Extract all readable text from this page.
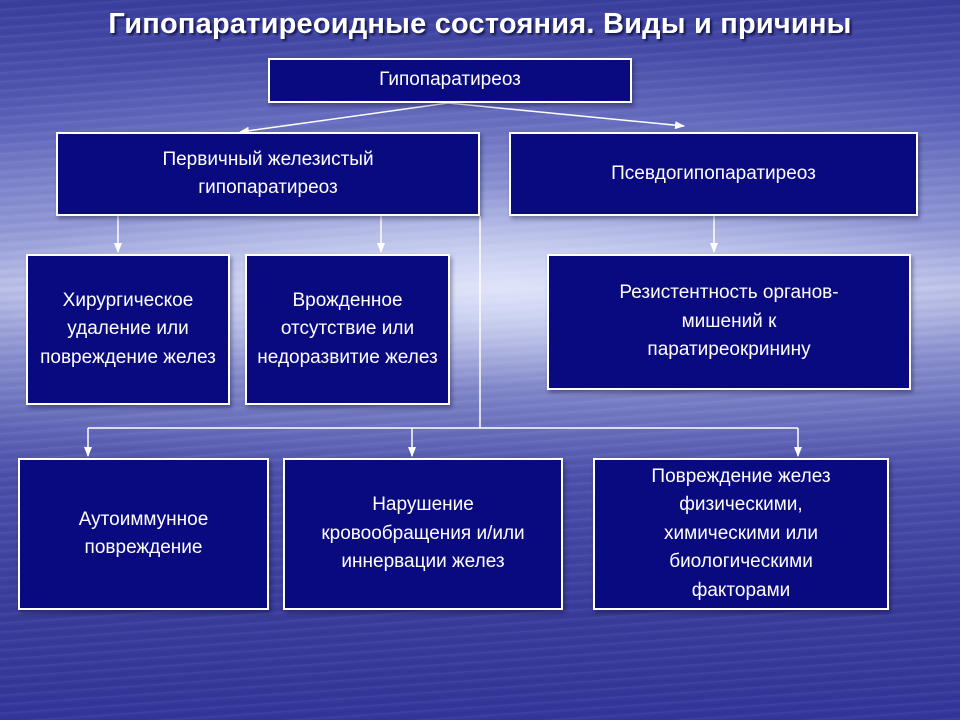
Гипопаратиреоидные состояния. Виды и причины
Гипопаратиреоз
Первичный железистый гипопаратиреоз
Псевдогипопаратиреоз
Хирургическое удаление или повреждение желез
Врожденное отсутствие или недоразвитие желез
Резистентность органов-мишений к паратиреокринину
Аутоиммунное повреждение
Нарушение кровообращения и/или иннервации желез
Повреждение желез физическими, химическими или биологическими факторами
